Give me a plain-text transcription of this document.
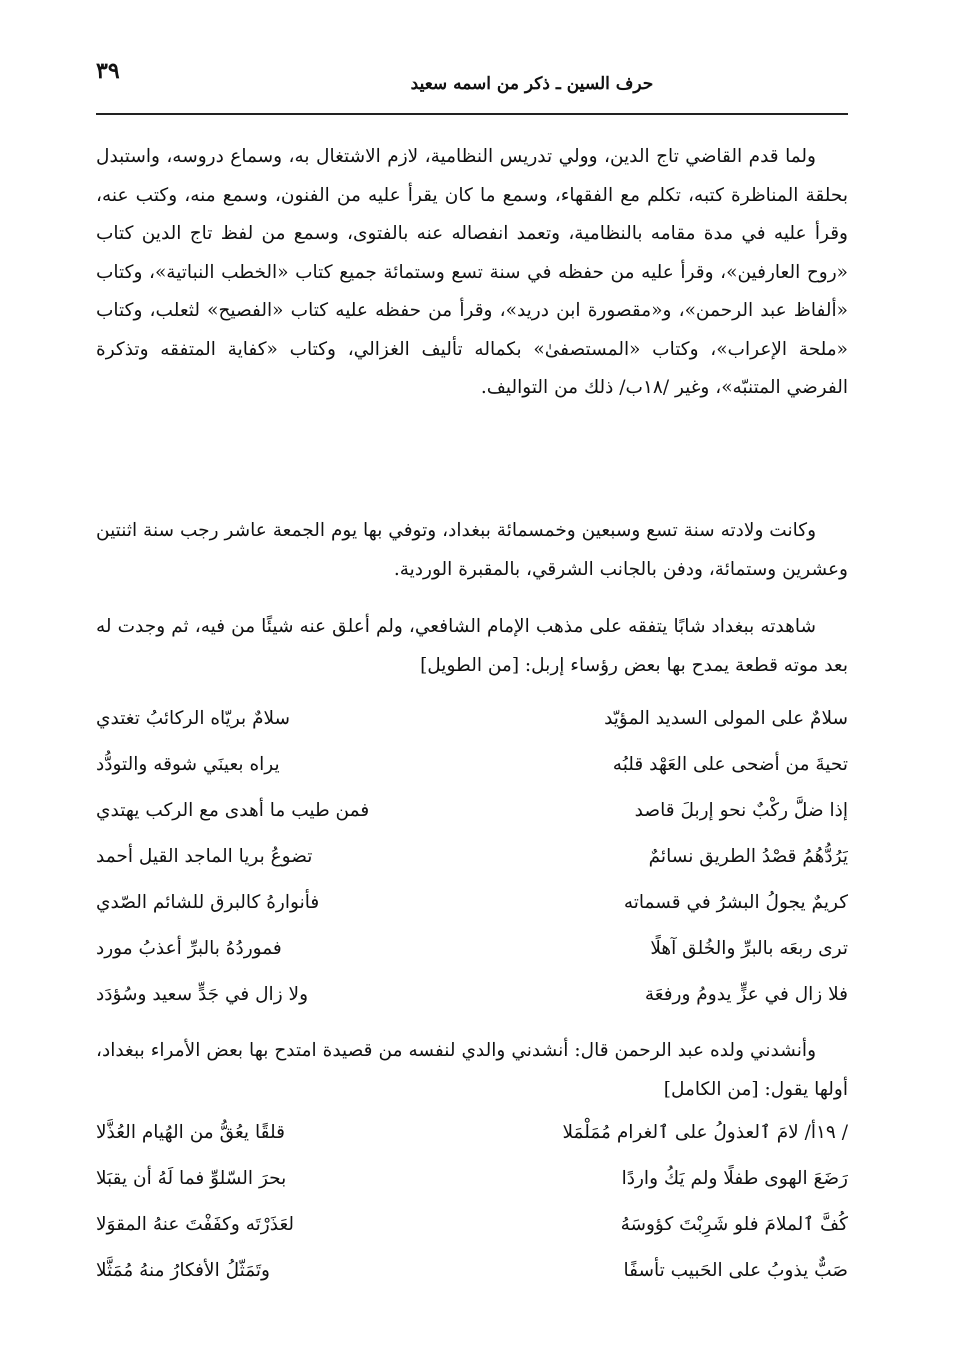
حرف السين ـ ذكر من اسمه سعيد
٣٩

ولما قدم القاضي تاج الدين، وولي تدريس النظامية، لازم الاشتغال به، وسماع دروسه، واستبدل بحلقة المناظرة كتبه، تكلم مع الفقهاء، وسمع ما كان يقرأ عليه من الفنون، وسمع منه، وكتب عنه، وقرأ عليه في مدة مقامه بالنظامية، وتعمد انفصاله عنه بالفتوى، وسمع من لفظ تاج الدين كتاب «روح العارفين»، وقرأ عليه من حفظه في سنة تسع وستمائة جميع كتاب «الخطب النباتية»، وكتاب «ألفاظ عبد الرحمن»، و«مقصورة ابن دريد»، وقرأ من حفظه عليه كتاب «الفصيح» لثعلب، وكتاب «ملحة الإعراب»، وكتاب «المستصفىٰ» بكماله تأليف الغزالي، وكتاب «كفاية المتفقه وتذكرة الفرضي المتنبّه»، وغير /١٨ب/ ذلك من التواليف.

وكانت ولادته سنة تسع وسبعين وخمسمائة ببغداد، وتوفي بها يوم الجمعة عاشر رجب سنة اثنتين وعشرين وستمائة، ودفن بالجانب الشرقي، بالمقبرة الوردية.

شاهدته ببغداد شابًا يتفقه على مذهب الإمام الشافعي، ولم أعلق عنه شيئًا من فيه، ثم وجدت له بعد موته قطعة يمدح بها بعض رؤساء إربل: [من الطويل]

سلامٌ على المولى السديد المؤيّد
سلامٌ بريّاه الركائبُ تغتدي
تحيةَ من أضحى على العَهْد قلبُه
يراه بعينَي شوقه والتودُّد
إذا ضلَّ ركْبٌ نحو إربلَ قاصد
فمن طيب ما أهدى مع الركب يهتدي
يَرُدُّهُمُ قصْدُ الطريق نسائمٌ
تضوعُ بريا الماجد القيل أحمد
كريمٌ يجولُ البشرُ في قسماته
فأنوارهُ كالبرق للشائم الصّدي
ترى ربعَه بالبرِّ والخُلق آهلًا
فموردُهُ بالبرِّ أعذبُ مورد
فلا زال في عزٍّ يدومُ ورفعَة
ولا زال في جَدٍّ سعيد وسُؤدَد

وأنشدني ولده عبد الرحمن قال: أنشدني والدي لنفسه من قصيدة امتدح بها بعض الأمراء ببغداد، أولها يقول: [من الكامل]

/ ١٩أ/ لامَ ٱلعذولُ على ٱلغرام مُمَلْمَلا
قلقًا يعُقُّ من الهُيام العُذَّلا
رَضَعَ الهوى طفلًا ولم يَكُ واردًا
بحرَ السّلوِّ فما لَهُ أن يقبَلا
كُفَّ ٱلملامَ فلو شَرِبْتَ كؤوسَهُ
لعَذَرْتَه وكفَفْتَ عنهُ المقوَلا
صَبٌّ يذوبُ على الحَبيب تأسفًا
وتَمَثّلُ الأفكارُ منهُ مُمَثَّلا
